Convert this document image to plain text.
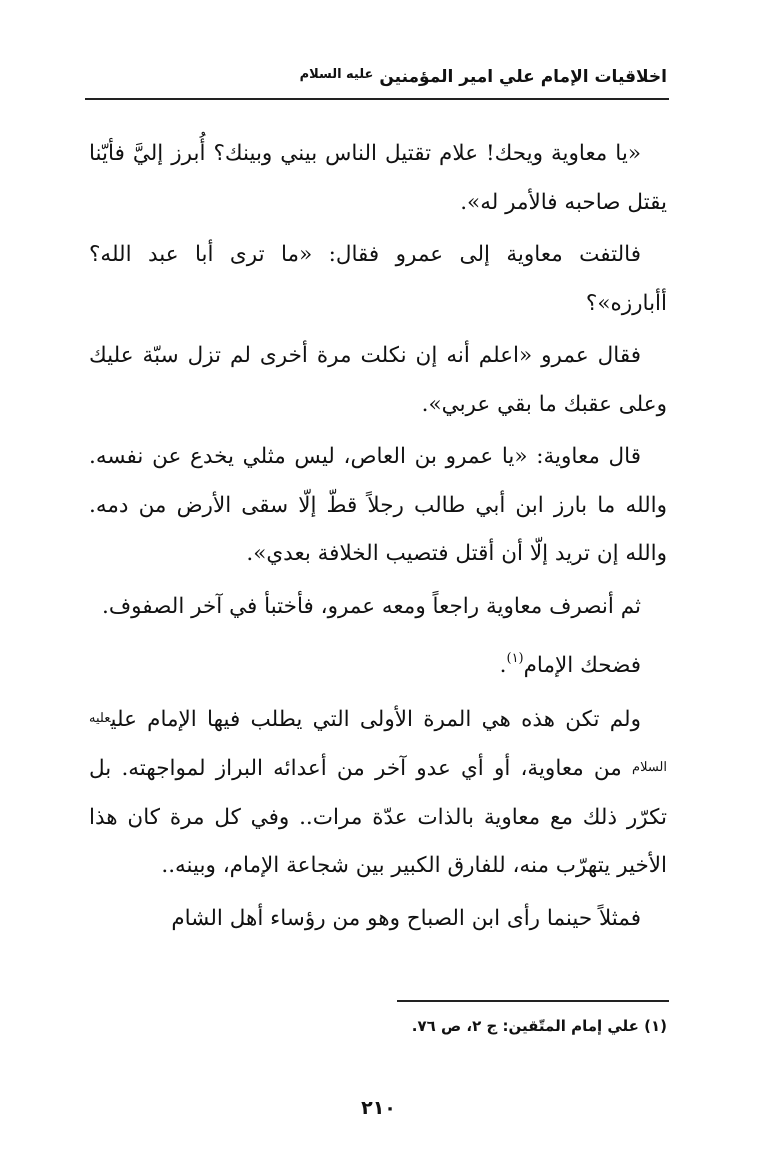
اخلاقيات الإمام علي امير المؤمنين $^{عليه السلام}$

«يا معاوية ويحك! علام تقتيل الناس بيني وبينك؟ أُبرز إليَّ فأيّنا يقتل صاحبه فالأمر له».

فالتفت معاوية إلى عمرو فقال: «ما ترى أبا عبد الله؟ أأبارزه»؟

فقال عمرو «اعلم أنه إن نكلت مرة أخرى لم تزل سبّة عليك وعلى عقبك ما بقي عربي».

قال معاوية: «يا عمرو بن العاص، ليس مثلي يخدع عن نفسه. والله ما بارز ابن أبي طالب رجلاً قطّ إلّا سقى الأرض من دمه. والله إن تريد إلّا أن أقتل فتصيب الخلافة بعدي».

ثم أنصرف معاوية راجعاً ومعه عمرو، فأختبأ في آخر الصفوف.

فضحك الإمام$^{(١)}$.

ولم تكن هذه هي المرة الأولى التي يطلب فيها الإمام عليعليه السلام من معاوية، أو أي عدو آخر من أعدائه البراز لمواجهته. بل تكرّر ذلك مع معاوية بالذات عدّة مرات.. وفي كل مرة كان هذا الأخير يتهرّب منه، للفارق الكبير بين شجاعة الإمام، وبينه..

فمثلاً حينما رأى ابن الصباح وهو من رؤساء أهل الشام

(١) علي إمام المتّقين: ج ٢، ص ٧٦.
٢١٠
